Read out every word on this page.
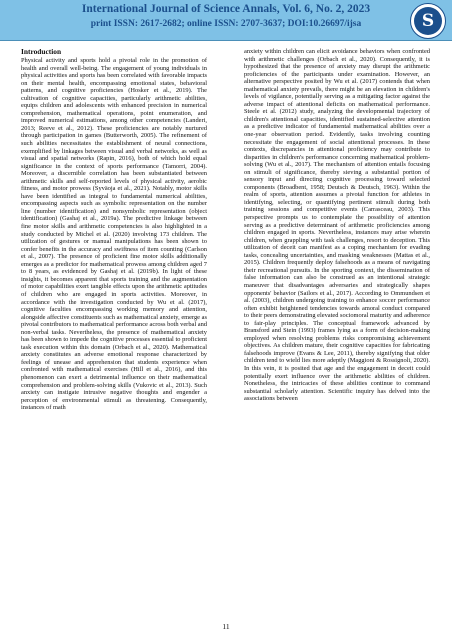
International Journal of Science Annals, Vol. 6, No. 2, 2023
print ISSN: 2617-2682; online ISSN: 2707-3637; DOI:10.26697/ijsa	S
Introduction

Physical activity and sports hold a pivotal role in the promotion of health and overall well-being. The engagement of young individuals in physical activities and sports has been correlated with favorable impacts on their mental health, encompassing emotional states, behavioral patterns, and cognitive proficiencies (Hosker et al., 2019). The cultivation of cognitive capacities, particularly arithmetic abilities, equips children and adolescents with enhanced precision in numerical comprehension, mathematical operations, point enumeration, and improved numerical estimations, among other competencies (Landeri, 2013; Reeve et al., 2012). These proficiencies are notably nurtured through participation in games (Butterworth, 2005). The refinement of such abilities necessitates the establishment of neural connections, exemplified by linkages between visual and verbal networks, as well as visual and spatial networks (Rapin, 2016), both of which hold equal significance in the context of sports performance (Tamorri, 2004). Moreover, a discernible correlation has been substantiated between arithmetic skills and self-reported levels of physical activity, aerobic fitness, and motor prowess (Syväoja et al., 2021). Notably, motor skills have been identified as integral to fundamental numerical abilities, encompassing aspects such as symbolic representation on the number line (number identification) and nonsymbolic representation (object identification) (Gashaj et al., 2019a). The predictive linkage between fine motor skills and arithmetic competencies is also highlighted in a study conducted by Michel et al. (2020) involving 173 children. The utilization of gestures or manual manipulations has been shown to confer benefits in the accuracy and swiftness of item counting (Carlson et al., 2007). The presence of proficient fine motor skills additionally emerges as a predictor for mathematical prowess among children aged 7 to 8 years, as evidenced by Gashaj et al. (2019b). In light of these insights, it becomes apparent that sports training and the augmentation of motor capabilities exert tangible effects upon the arithmetic aptitudes of children who are engaged in sports activities. Moreover, in accordance with the investigation conducted by Wu et al. (2017), cognitive faculties encompassing working memory and attention, alongside affective constituents such as mathematical anxiety, emerge as pivotal contributors to mathematical performance across both verbal and non-verbal tasks. Nevertheless, the presence of mathematical anxiety has been shown to impede the cognitive processes essential to proficient task execution within this domain (Orbach et al., 2020). Mathematical anxiety constitutes an adverse emotional response characterized by feelings of unease and apprehension that students experience when confronted with mathematical exercises (Hill et al., 2016), and this phenomenon can exert a detrimental influence on their mathematical comprehension and problem-solving skills (Vukovic et al., 2013). Such anxiety can instigate intrusive negative thoughts and engender a perception of environmental stimuli as threatening. Consequently, instances of math

anxiety within children can elicit avoidance behaviors when confronted with arithmetic challenges (Orbach et al., 2020). Consequently, it is hypothesized that the presence of anxiety may disrupt the arithmetic proficiencies of the participants under examination. However, an alternative perspective posited by Wu et al. (2017) contends that when mathematical anxiety prevails, there might be an elevation in children's levels of vigilance, potentially serving as a mitigating factor against the adverse impact of attentional deficits on mathematical performance. Steele et al. (2012) study, analyzing the developmental trajectory of children's attentional capacities, identified sustained-selective attention as a predictive indicator of fundamental mathematical abilities over a one-year observation period. Evidently, tasks involving counting necessitate the engagement of social attentional processes. In these contexts, discrepancies in attentional proficiency may contribute to disparities in children's performance concerning mathematical problem-solving (Wu et al., 2017). The mechanism of attention entails focusing on stimuli of significance, thereby sieving a substantial portion of sensory input and directing cognitive processing toward selected components (Broadbent, 1958; Deutsch & Deutsch, 1963). Within the realm of sports, attention assumes a pivotal function for athletes in identifying, selecting, or quantifying pertinent stimuli during both training sessions and competitive events (Carrasceau, 2003). This perspective prompts us to contemplate the possibility of attention serving as a predictive determinant of arithmetic proficiencies among children engaged in sports. Nevertheless, instances may arise wherein children, when grappling with task challenges, resort to deception. This utilization of deceit can manifest as a coping mechanism for evading tasks, concealing uncertainties, and masking weaknesses (Mattas et al., 2015). Children frequently deploy falsehoods as a means of navigating their recreational pursuits. In the sporting context, the dissemination of false information can also be construed as an intentional strategic maneuver that disadvantages adversaries and strategically shapes opponents' behavior (Sailors et al., 2017). According to Ommundsen et al. (2003), children undergoing training to enhance soccer performance often exhibit heightened tendencies towards amoral conduct compared to their peers demonstrating elevated sociomoral maturity and adherence to fair-play principles. The conceptual framework advanced by Bransford and Stein (1993) frames lying as a form of decision-making employed when resolving problems risks compromising achievement objectives. As children mature, their cognitive capacities for fabricating falsehoods improve (Evans & Lee, 2011), thereby signifying that older children tend to wield lies more adeptly (Maggioni & Rossignoli, 2020). In this vein, it is posited that age and the engagement in deceit could potentially exert influence over the arithmetic abilities of children. Nonetheless, the intricacies of these abilities continue to command substantial scholarly attention. Scientific inquiry has delved into the associations between

11
